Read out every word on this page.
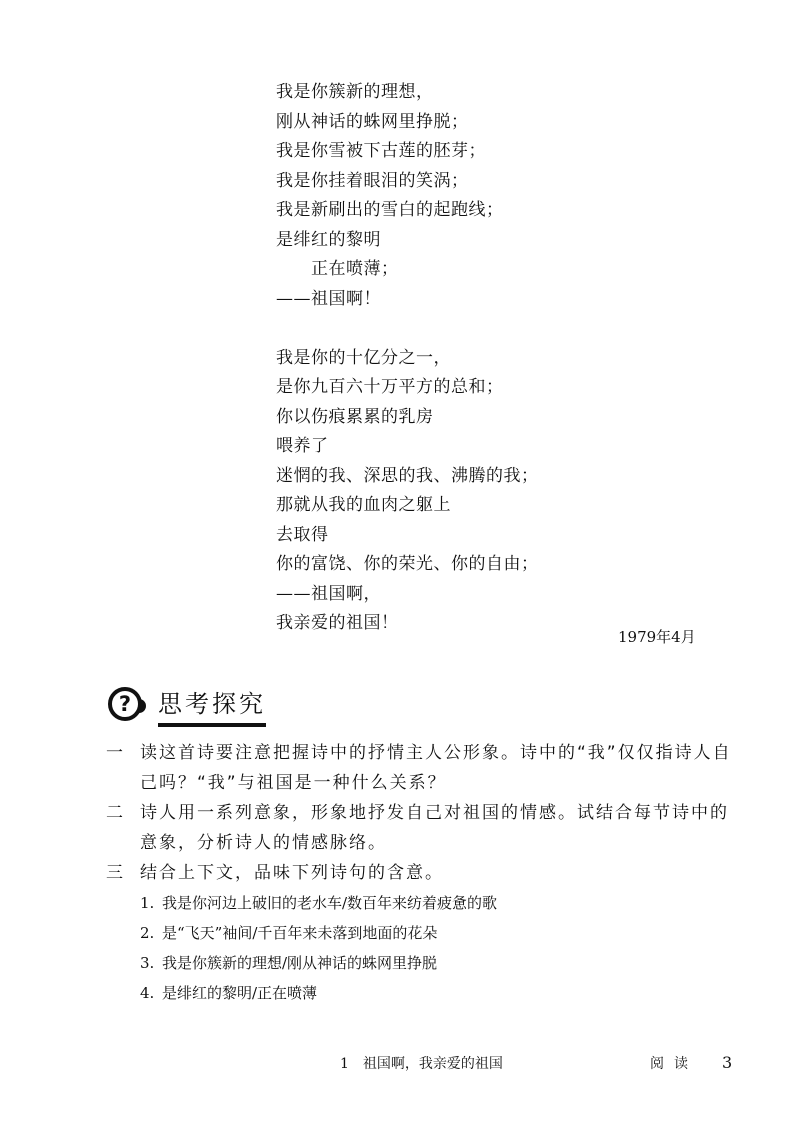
我是你簇新的理想，
刚从神话的蛛网里挣脱；
我是你雪被下古莲的胚芽；
我是你挂着眼泪的笑涡；
我是新刷出的雪白的起跑线；
是绯红的黎明
　　正在喷薄；
——祖国啊！
我是你的十亿分之一，
是你九百六十万平方的总和；
你以伤痕累累的乳房
喂养了
迷惘的我、深思的我、沸腾的我；
那就从我的血肉之躯上
去取得
你的富饶、你的荣光、你的自由；
——祖国啊，
我亲爱的祖国！
1979年4月
?	思考探究
一	读这首诗要注意把握诗中的抒情主人公形象。诗中的“我”仅仅指诗人自己吗？“我”与祖国是一种什么关系？
二	诗人用一系列意象，形象地抒发自己对祖国的情感。试结合每节诗中的意象，分析诗人的情感脉络。
三	结合上下文，品味下列诗句的含意。
1. 我是你河边上破旧的老水车/数百年来纺着疲惫的歌
2. 是“飞天”袖间/千百年来未落到地面的花朵
3. 我是你簇新的理想/刚从神话的蛛网里挣脱
4. 是绯红的黎明/正在喷薄
1　祖国啊，我亲爱的祖国	阅读 3
